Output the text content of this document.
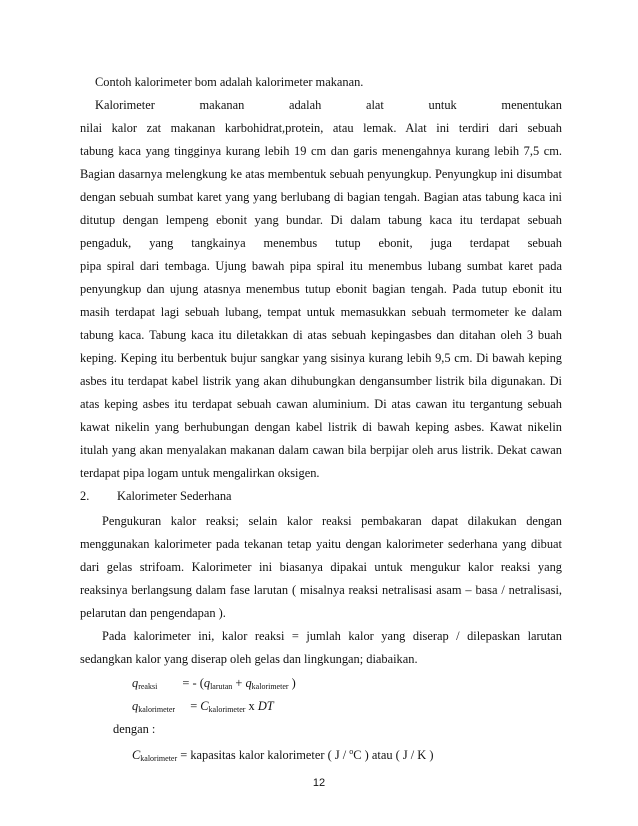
Contoh kalorimeter bom adalah kalorimeter makanan.
Kalorimeter makanan adalah alat untuk menentukan
nilai kalor zat makanan karbohidrat,protein, atau lemak. Alat ini terdiri dari sebuah
tabung kaca yang tingginya kurang lebih 19 cm dan garis menengahnya kurang lebih 7,5 cm.
Bagian dasarnya melengkung ke atas membentuk sebuah penyungkup. Penyungkup ini disumbat
dengan sebuah sumbat karet yang yang berlubang di bagian tengah. Bagian atas tabung kaca ini
ditutup dengan lempeng ebonit yang bundar. Di dalam tabung kaca itu terdapat sebuah
pengaduk, yang tangkainya menembus tutup ebonit, juga terdapat sebuah
pipa spiral dari tembaga. Ujung bawah pipa spiral itu menembus lubang sumbat karet pada
penyungkup dan ujung atasnya menembus tutup ebonit bagian tengah. Pada tutup ebonit itu
masih terdapat lagi sebuah lubang, tempat untuk memasukkan sebuah termometer ke dalam
tabung kaca. Tabung kaca itu diletakkan di atas sebuah kepingasbes dan ditahan oleh 3 buah
keping. Keping itu berbentuk bujur sangkar yang sisinya kurang lebih 9,5 cm. Di bawah keping
asbes itu terdapat kabel listrik yang akan dihubungkan dengansumber listrik bila digunakan. Di
atas keping asbes itu terdapat sebuah cawan aluminium. Di atas cawan itu tergantung sebuah
kawat nikelin yang berhubungan dengan kabel listrik di bawah keping asbes. Kawat nikelin
itulah yang akan menyalakan makanan dalam cawan bila berpijar oleh arus listrik. Dekat cawan
terdapat pipa logam untuk mengalirkan oksigen.
2. Kalorimeter Sederhana
Pengukuran kalor reaksi; selain kalor reaksi pembakaran dapat dilakukan dengan
menggunakan kalorimeter pada tekanan tetap yaitu dengan kalorimeter sederhana yang dibuat
dari gelas strifoam. Kalorimeter ini biasanya dipakai untuk mengukur kalor reaksi yang
reaksinya berlangsung dalam fase larutan ( misalnya reaksi netralisasi asam – basa / netralisasi,
pelarutan dan pengendapan ).
Pada kalorimeter ini, kalor reaksi = jumlah kalor yang diserap / dilepaskan larutan
sedangkan kalor yang diserap oleh gelas dan lingkungan; diabaikan.
$q_{reaksi}$ = - ($q_{larutan} + q_{kalorimeter}$ )
$q_{kalorimeter} = C_{kalorimeter}$ x DT
dengan :
$C_{kalorimeter}$ = kapasitas kalor kalorimeter ( J / $^o$C ) atau ( J / K )
12
